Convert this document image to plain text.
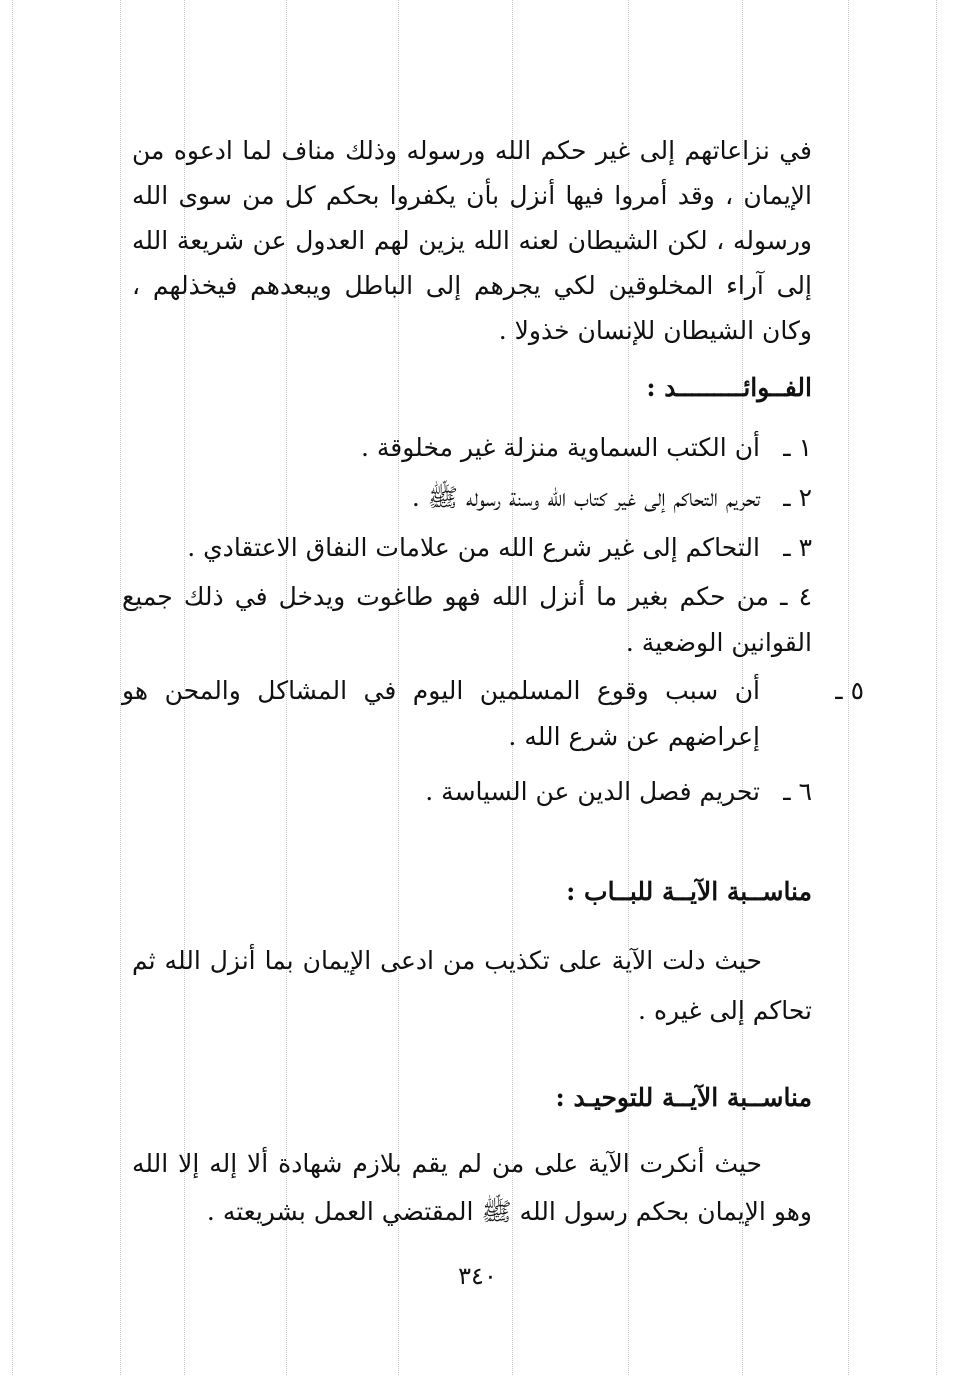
في نزاعاتهم إلى غير حكم الله ورسوله وذلك مناف لما ادعوه من الإيمان ، وقد أمروا فيها أنزل بأن يكفروا بحكم كل من سوى الله ورسوله ، لكن الشيطان لعنه الله يزين لهم العدول عن شريعة الله إلى آراء المخلوقين لكي يجرهم إلى الباطل ويبعدهم فيخذلهم ، وكان الشيطان للإنسان خذولا .

الفــوائـــــــــد :

١ ـأن الكتب السماوية منزلة غير مخلوقة .
٢ ـتحريم التحاكم إلى غير كتاب الله وسنة رسوله ﷺ .
٣ ـالتحاكم إلى غير شرع الله من علامات النفاق الاعتقادي .
٤ ـ من حكم بغير ما أنزل الله فهو طاغوت ويدخل في ذلك جميع القوانين الوضعية .
٥ ـأن سبب وقوع المسلمين اليوم في المشاكل والمحن هو إعراضهم عن شرع الله .
٦ ـتحريم فصل الدين عن السياسة .

مناســبة الآيــة للبــاب :

حيث دلت الآية على تكذيب من ادعى الإيمان بما أنزل الله ثم تحاكم إلى غيره .

مناســبة الآيــة للتوحيـد :

حيث أنكرت الآية على من لم يقم بلازم شهادة ألا إله إلا الله وهو الإيمان بحكم رسول الله ﷺ المقتضي العمل بشريعته .

٣٤٠
